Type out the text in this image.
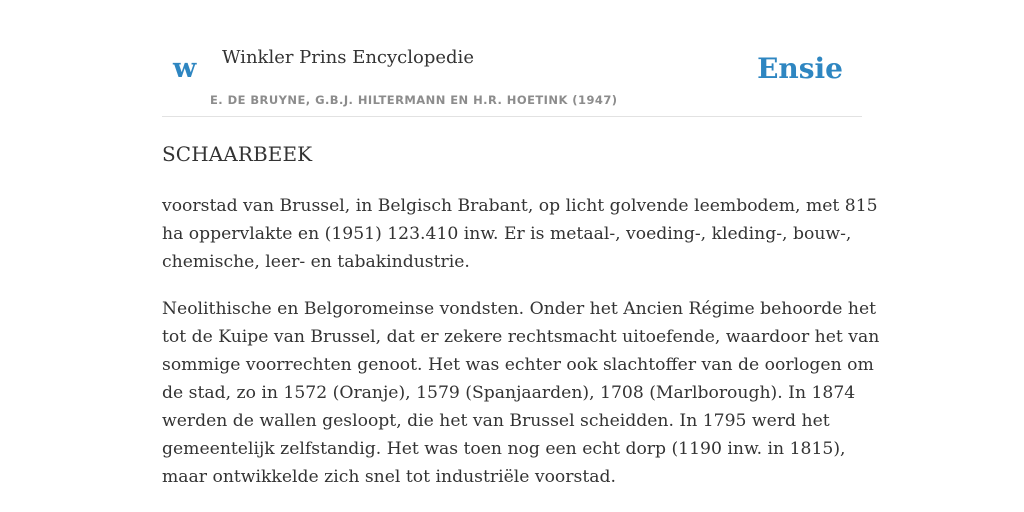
w Winkler Prins Encyclopedie
E. DE BRUYNE, G.B.J. HILTERMANN EN H.R. HOETINK (1947)
Ensie
SCHAARBEEK

voorstad van Brussel, in Belgisch Brabant, op licht golvende leembodem, met 815
ha oppervlakte en (1951) 123.410 inw. Er is metaal-, voeding-, kleding-, bouw-,
chemische, leer- en tabakindustrie.

Neolithische en Belgoromeinse vondsten. Onder het Ancien Régime behoorde het
tot de Kuipe van Brussel, dat er zekere rechtsmacht uitoefende, waardoor het van
sommige voorrechten genoot. Het was echter ook slachtoffer van de oorlogen om
de stad, zo in 1572 (Oranje), 1579 (Spanjaarden), 1708 (Marlborough). In 1874
werden de wallen gesloopt, die het van Brussel scheidden. In 1795 werd het
gemeentelijk zelfstandig. Het was toen nog een echt dorp (1190 inw. in 1815),
maar ontwikkelde zich snel tot industriële voorstad.
